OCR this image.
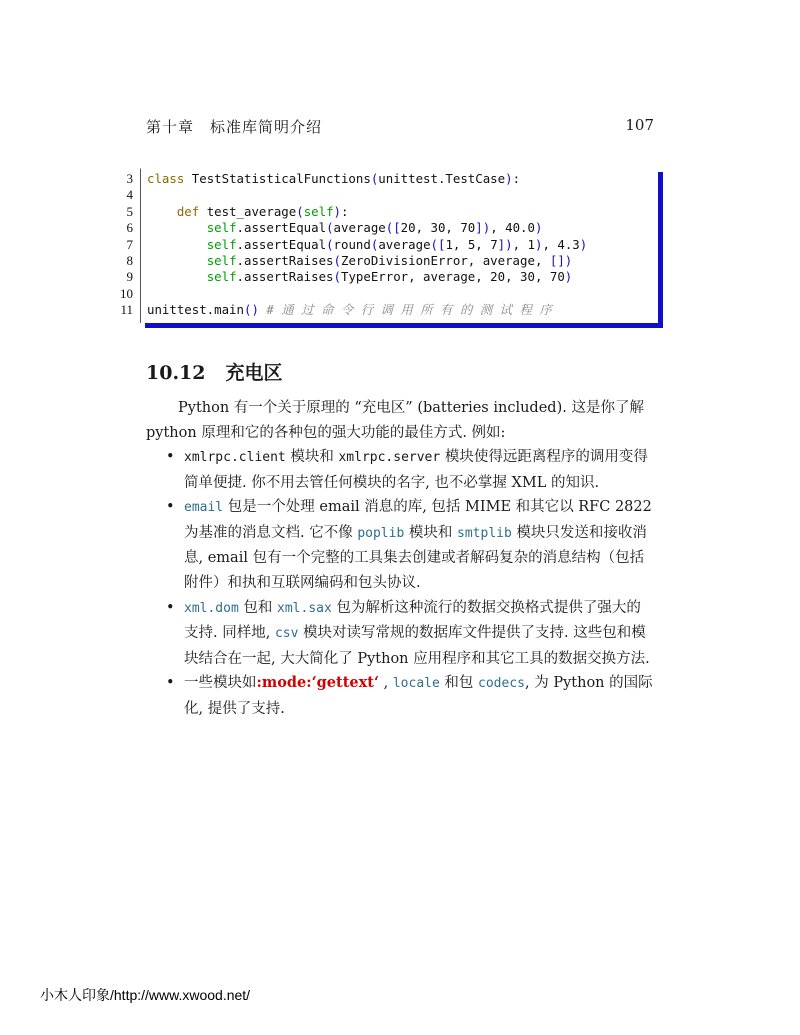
第十章　标准库简明介绍	107
3 class TestStatisticalFunctions(unittest.TestCase):
4
5	def test_average(self):
6	self.assertEqual(average([20, 30, 70]), 40.0)
7	self.assertEqual(round(average([1, 5, 7]), 1), 4.3)
8	self.assertRaises(ZeroDivisionError, average, [])
9	self.assertRaises(TypeError, average, 20, 30, 70)
10
11 unittest.main() # 通 过 命 令 行 调 用 所 有 的 测 试 程 序
10.12 充电区
Python 有一个关于原理的 “充电区” (batteries included). 这是你了解 python 原理和它的各种包的强大功能的最佳方式. 例如:
• xmlrpc.client 模块和 xmlrpc.server 模块使得远距离程序的调用变得简单便捷. 你不用去管任何模块的名字, 也不必掌握 XML 的知识.
• email 包是一个处理 email 消息的库, 包括 MIME 和其它以 RFC 2822 为基准的消息文档. 它不像 poplib 模块和 smtplib 模块只发送和接收消息, email 包有一个完整的工具集去创建或者解码复杂的消息结构（包括附件）和执和互联网编码和包头协议.
• xml.dom 包和 xml.sax 包为解析这种流行的数据交换格式提供了强大的支持. 同样地, csv 模块对读写常规的数据库文件提供了支持. 这些包和模块结合在一起, 大大简化了 Python 应用程序和其它工具的数据交换方法.
• 一些模块如:mode:‘gettext‘ , locale 和包 codecs, 为 Python 的国际化, 提供了支持.
小木人印象/http://www.xwood.net/
